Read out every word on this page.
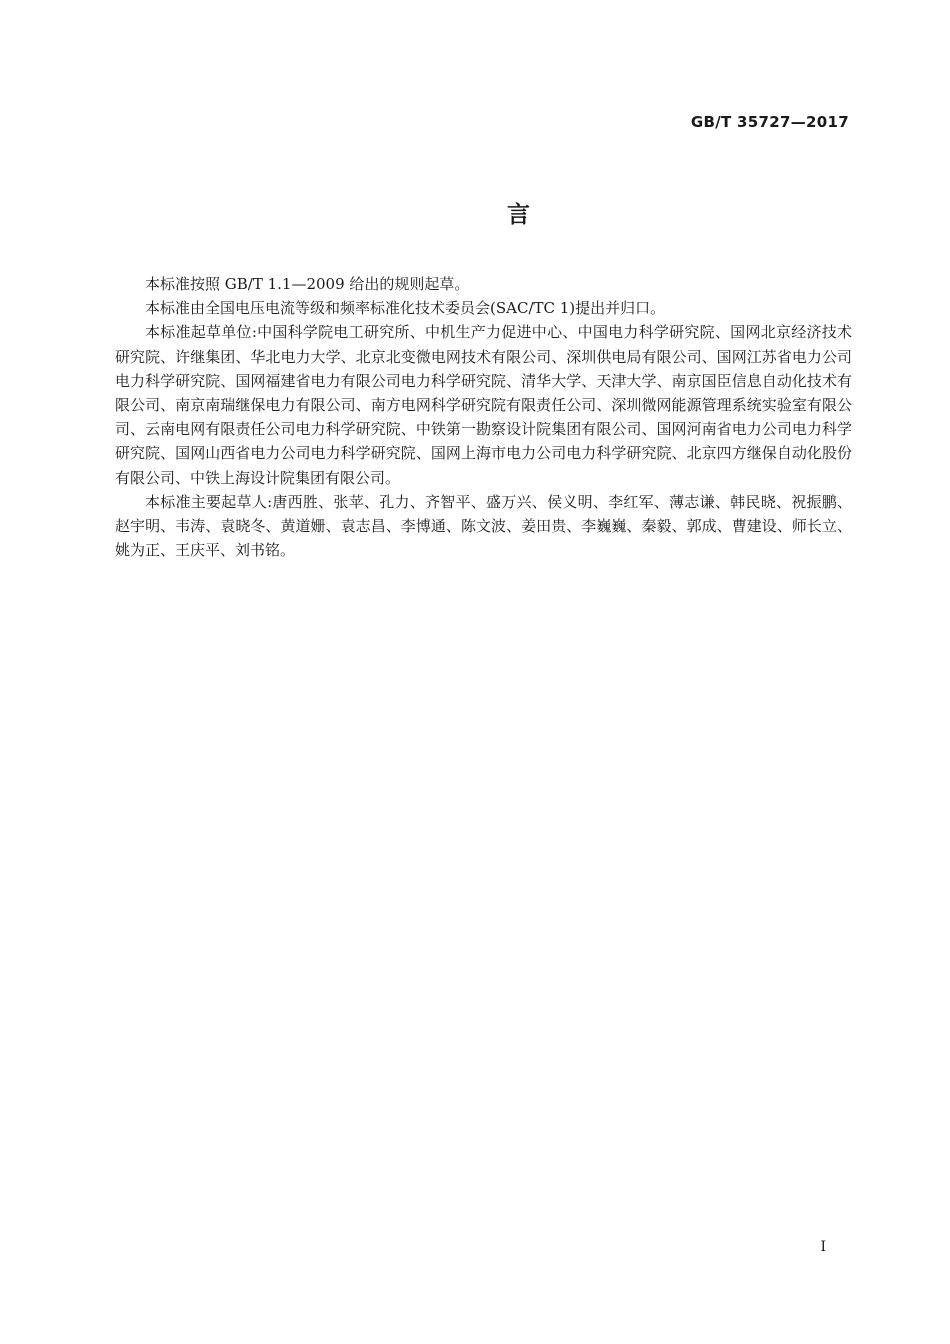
GB/T 35727—2017
言

本标准按照 GB/T 1.1—2009 给出的规则起草。

本标准由全国电压电流等级和频率标准化技术委员会(SAC/TC 1)提出并归口。

本标准起草单位:中国科学院电工研究所、中机生产力促进中心、中国电力科学研究院、国网北京经济技术研究院、许继集团、华北电力大学、北京北变微电网技术有限公司、深圳供电局有限公司、国网江苏省电力公司电力科学研究院、国网福建省电力有限公司电力科学研究院、清华大学、天津大学、南京国臣信息自动化技术有限公司、南京南瑞继保电力有限公司、南方电网科学研究院有限责任公司、深圳微网能源管理系统实验室有限公司、云南电网有限责任公司电力科学研究院、中铁第一勘察设计院集团有限公司、国网河南省电力公司电力科学研究院、国网山西省电力公司电力科学研究院、国网上海市电力公司电力科学研究院、北京四方继保自动化股份有限公司、中铁上海设计院集团有限公司。

本标准主要起草人:唐西胜、张苹、孔力、齐智平、盛万兴、侯义明、李红军、薄志谦、韩民晓、祝振鹏、赵宇明、韦涛、袁晓冬、黄道姗、袁志昌、李博通、陈文波、姜田贵、李巍巍、秦毅、郭成、曹建设、师长立、姚为正、王庆平、刘书铭。

I
